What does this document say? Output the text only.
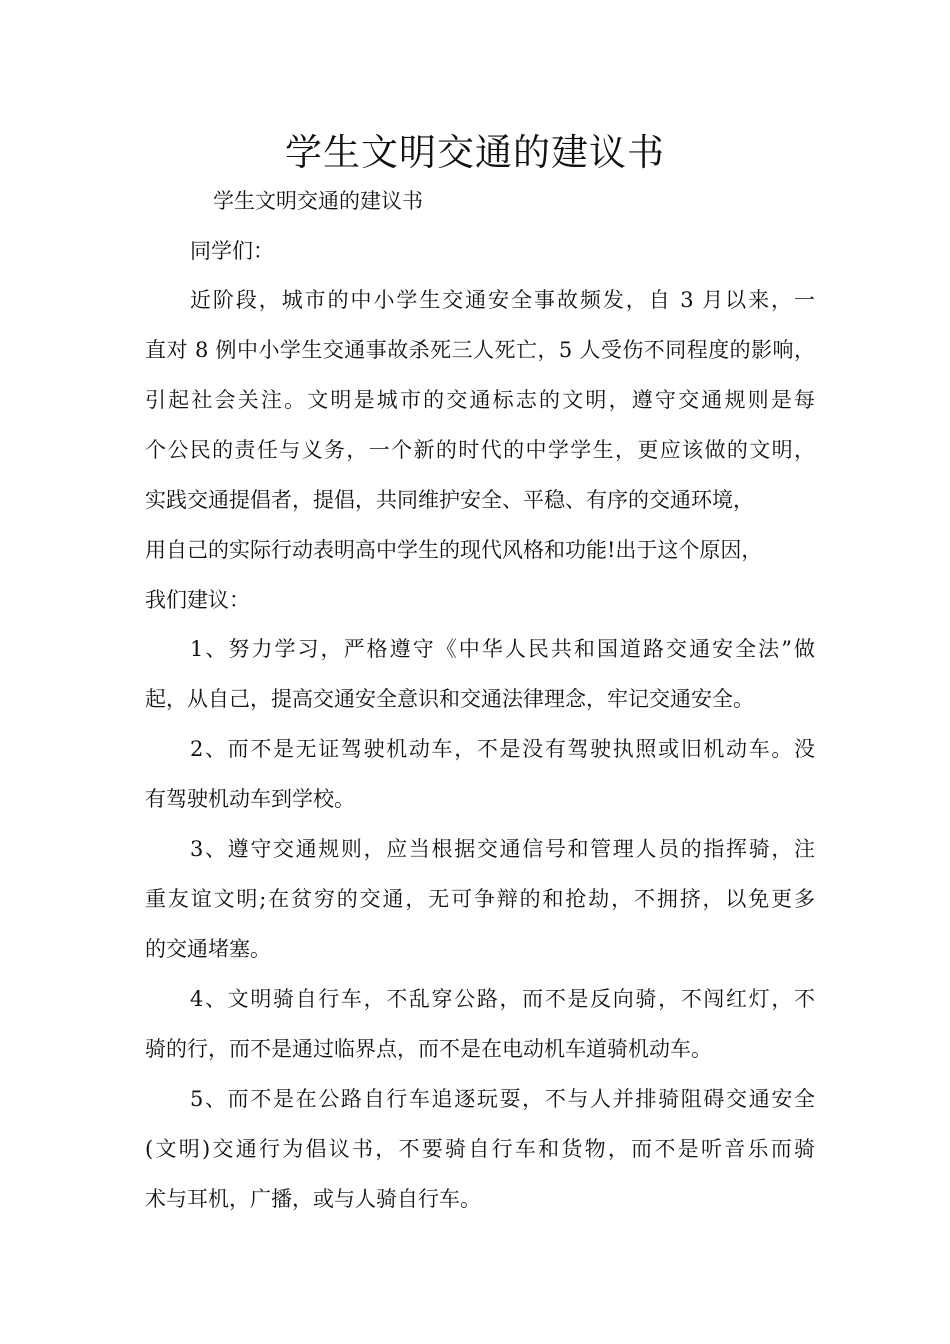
学生文明交通的建议书

学生文明交通的建议书

同学们：

近阶段，城市的中小学生交通安全事故频发，自 3 月以来，一
直对 8 例中小学生交通事故杀死三人死亡，5 人受伤不同程度的影响，
引起社会关注。文明是城市的交通标志的文明，遵守交通规则是每
个公民的责任与义务，一个新的时代的中学学生，更应该做的文明，
实践交通提倡者，提倡，共同维护安全、平稳、有序的交通环境，
用自己的实际行动表明高中学生的现代风格和功能!出于这个原因，
我们建议：
1、努力学习，严格遵守《中华人民共和国道路交通安全法”做
起，从自己，提高交通安全意识和交通法律理念，牢记交通安全。
2、而不是无证驾驶机动车，不是没有驾驶执照或旧机动车。没
有驾驶机动车到学校。
3、遵守交通规则，应当根据交通信号和管理人员的指挥骑，注
重友谊文明;在贫穷的交通，无可争辩的和抢劫，不拥挤，以免更多
的交通堵塞。
4、文明骑自行车，不乱穿公路，而不是反向骑，不闯红灯，不
骑的行，而不是通过临界点，而不是在电动机车道骑机动车。
5、而不是在公路自行车追逐玩耍，不与人并排骑阻碍交通安全
(文明)交通行为倡议书，不要骑自行车和货物，而不是听音乐而骑
术与耳机，广播，或与人骑自行车。
